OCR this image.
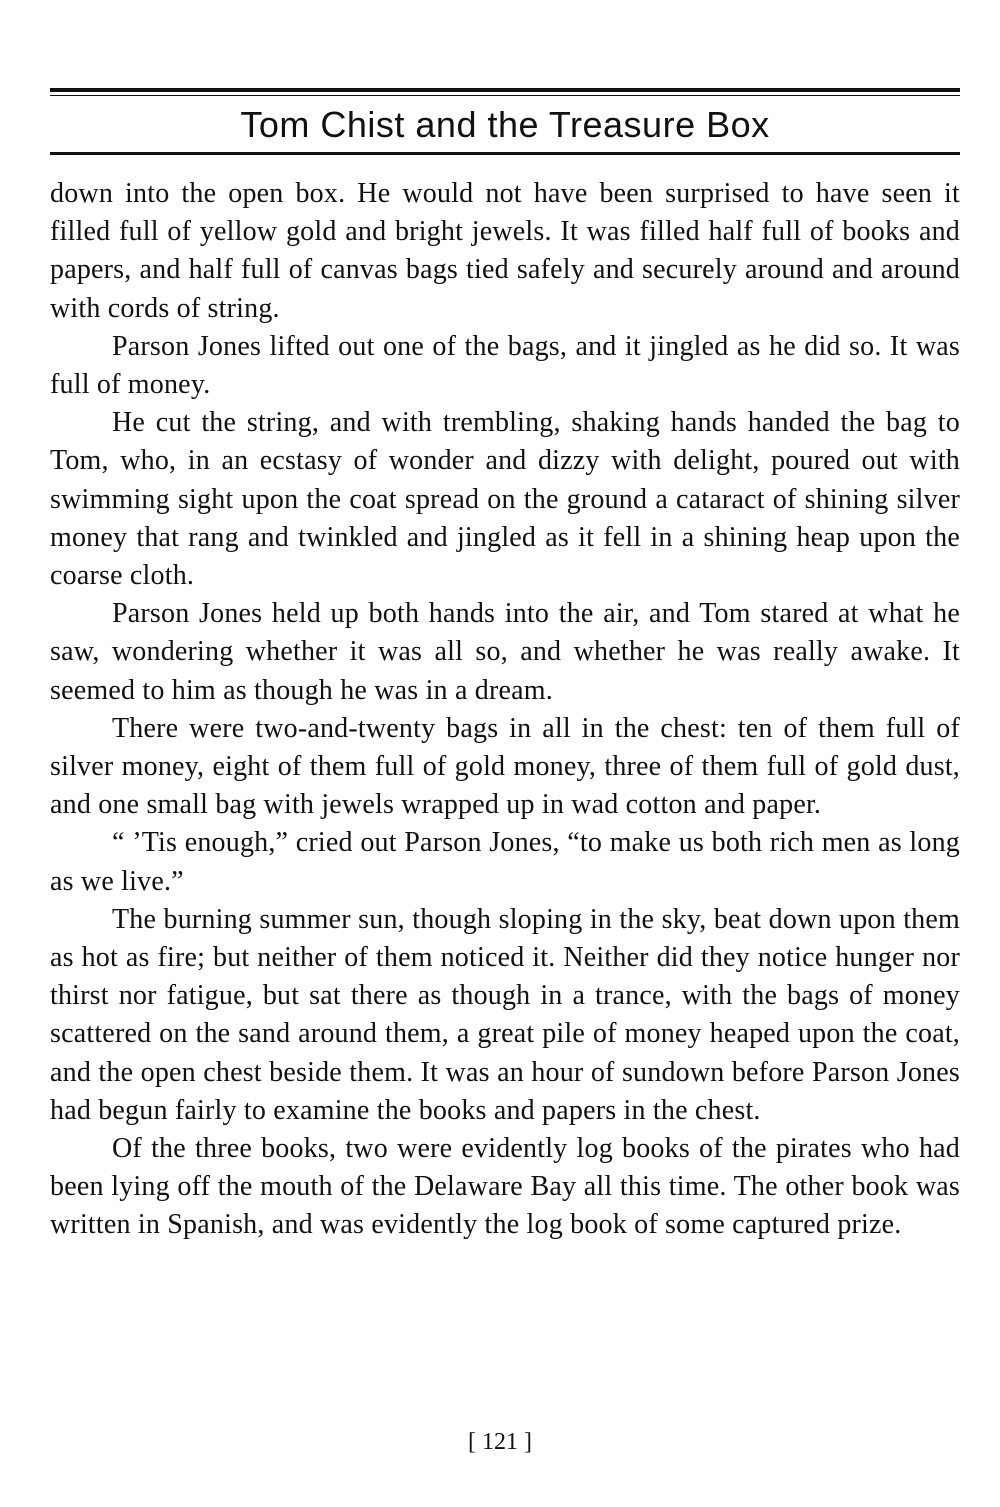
Tom Chist and the Treasure Box

down into the open box. He would not have been surprised to have seen it filled full of yellow gold and bright jewels. It was filled half full of books and papers, and half full of canvas bags tied safely and securely around and around with cords of string.

Parson Jones lifted out one of the bags, and it jingled as he did so. It was full of money.

He cut the string, and with trembling, shaking hands handed the bag to Tom, who, in an ecstasy of wonder and dizzy with delight, poured out with swimming sight upon the coat spread on the ground a cataract of shining silver money that rang and twinkled and jingled as it fell in a shining heap upon the coarse cloth.

Parson Jones held up both hands into the air, and Tom stared at what he saw, wondering whether it was all so, and whether he was really awake. It seemed to him as though he was in a dream.

There were two-and-twenty bags in all in the chest: ten of them full of silver money, eight of them full of gold money, three of them full of gold dust, and one small bag with jewels wrapped up in wad cotton and paper.

“ ’Tis enough,” cried out Parson Jones, “to make us both rich men as long as we live.”

The burning summer sun, though sloping in the sky, beat down upon them as hot as fire; but neither of them noticed it. Neither did they notice hunger nor thirst nor fatigue, but sat there as though in a trance, with the bags of money scattered on the sand around them, a great pile of money heaped upon the coat, and the open chest beside them. It was an hour of sundown before Parson Jones had begun fairly to examine the books and papers in the chest.

Of the three books, two were evidently log books of the pirates who had been lying off the mouth of the Delaware Bay all this time. The other book was written in Spanish, and was evidently the log book of some captured prize.

[ 121 ]
